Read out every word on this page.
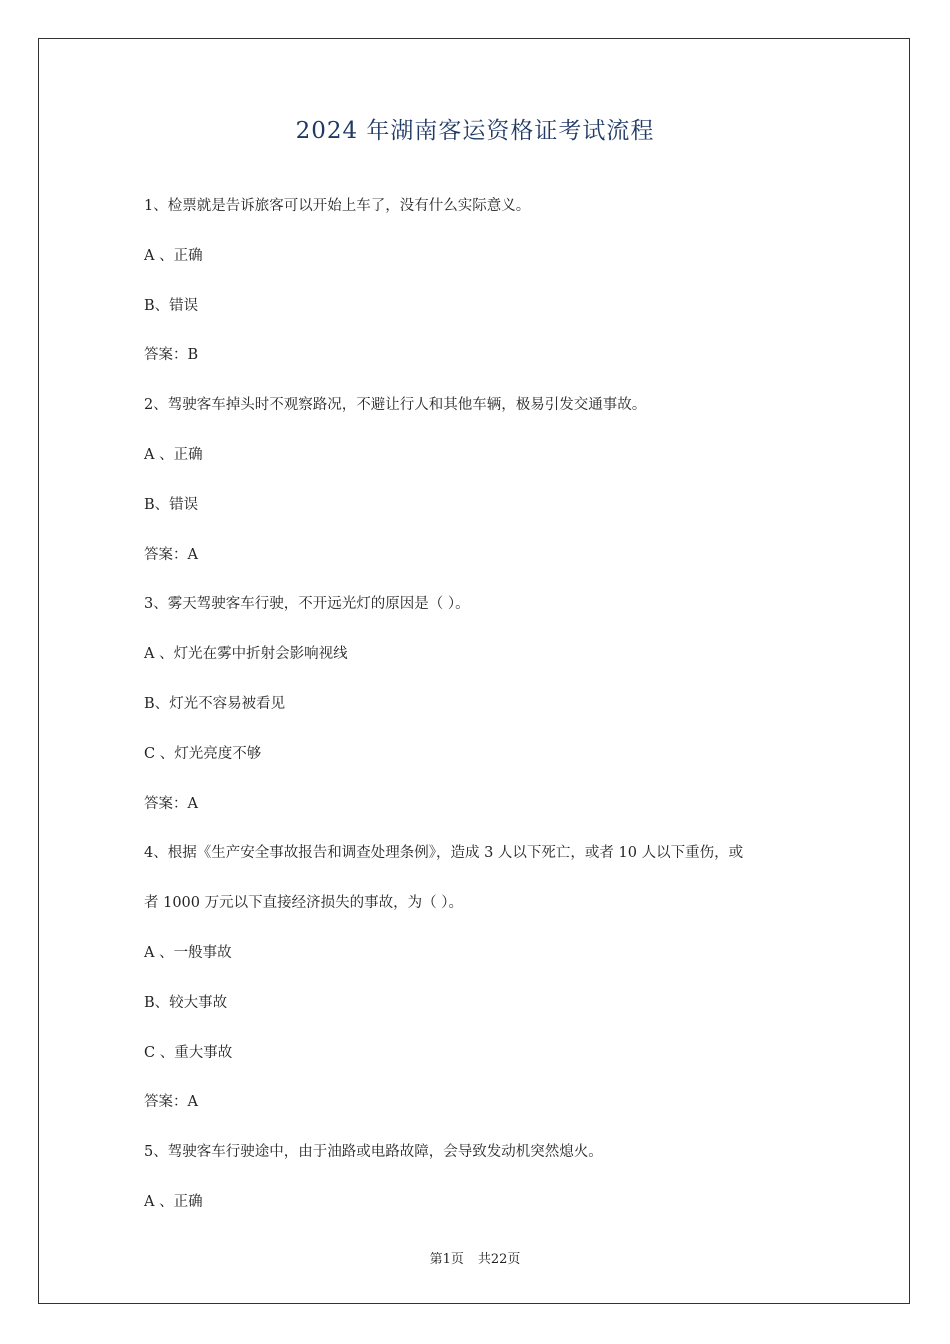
2024 年湖南客运资格证考试流程

1、检票就是告诉旅客可以开始上车了，没有什么实际意义。

A 、正确

B、错误

答案：B

2、驾驶客车掉头时不观察路况，不避让行人和其他车辆，极易引发交通事故。

A 、正确

B、错误

答案：A

3、雾天驾驶客车行驶，不开远光灯的原因是（ ）。

A 、灯光在雾中折射会影响视线

B、灯光不容易被看见

C 、灯光亮度不够

答案：A

4、根据《生产安全事故报告和调查处理条例》，造成 3 人以下死亡，或者 10 人以下重伤，或

者 1000 万元以下直接经济损失的事故，为（ ）。

A 、一般事故

B、较大事故

C 、重大事故

答案：A

5、驾驶客车行驶途中，由于油路或电路故障，会导致发动机突然熄火。

A 、正确

第1页 共22页
